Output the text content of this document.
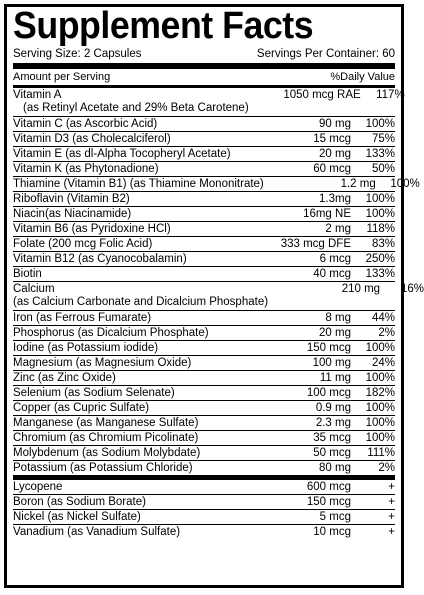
Supplement Facts
Serving Size: 2 Capsules	Servings Per Container: 60
Amount per Serving	%Daily Value
Vitamin A
(as Retinyl Acetate and 29% Beta Carotene)
1050 mcg RAE	117%
Vitamin C (as Ascorbic Acid)	90 mg	100%
Vitamin D3 (as Cholecalciferol)	15 mcg	75%
Vitamin E (as dl-Alpha Tocopheryl Acetate)	20 mg	133%
Vitamin K (as Phytonadione)	60 mcg	50%
Thiamine (Vitamin B1) (as Thiamine Mononitrate)	1.2 mg	100%
Riboflavin (Vitamin B2)	1.3mg	100%
Niacin(as Niacinamide)	16mg NE	100%
Vitamin B6 (as Pyridoxine HCl)	2 mg	118%
Folate (200 mcg Folic Acid)	333 mcg DFE	83%
Vitamin B12 (as Cyanocobalamin)	6 mcg	250%
Biotin	40 mcg	133%
Calcium
(as Calcium Carbonate and Dicalcium Phosphate)
210 mg	16%
Iron (as Ferrous Fumarate)	8 mg	44%
Phosphorus (as Dicalcium Phosphate)	20 mg	2%
Iodine (as Potassium iodide)	150 mcg	100%
Magnesium (as Magnesium Oxide)	100 mg	24%
Zinc (as Zinc Oxide)	11 mg	100%
Selenium (as Sodium Selenate)	100 mcg	182%
Copper (as Cupric Sulfate)	0.9 mg	100%
Manganese (as Manganese Sulfate)	2.3 mg	100%
Chromium (as Chromium Picolinate)	35 mcg	100%
Molybdenum (as Sodium Molybdate)	50 mcg	111%
Potassium (as Potassium Chloride)	80 mg	2%
Lycopene	600 mcg	+
Boron (as Sodium Borate)	150 mcg	+
Nickel (as Nickel Sulfate)	5 mcg	+
Vanadium (as Vanadium Sulfate)	10 mcg	+
